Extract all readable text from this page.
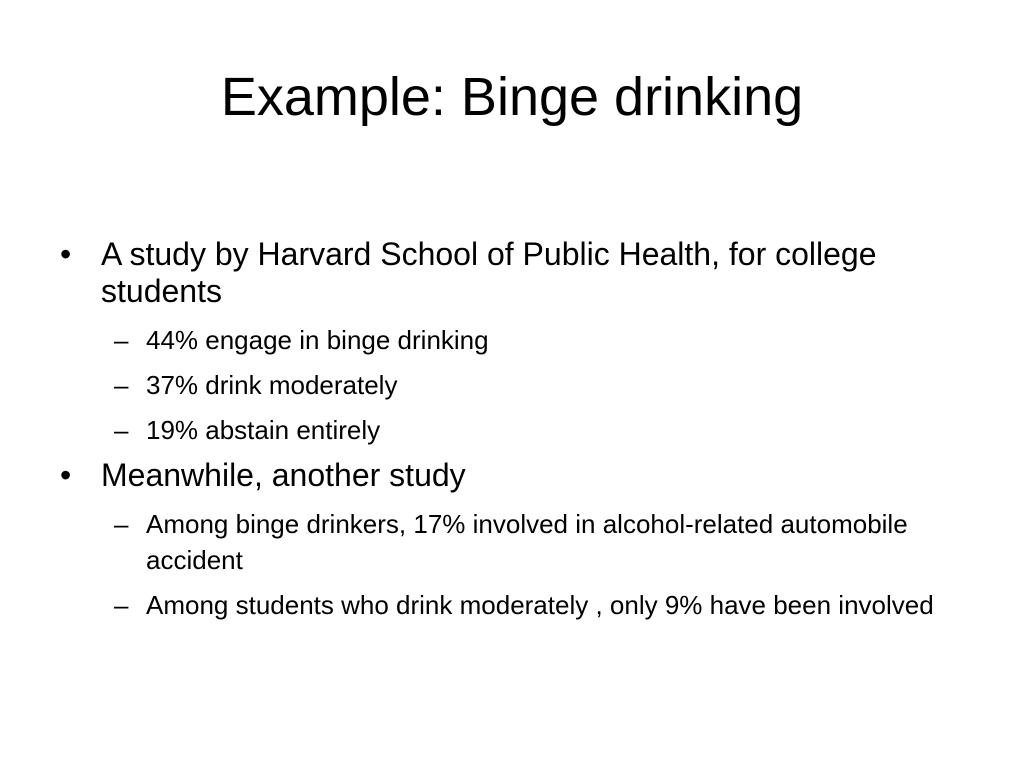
Example: Binge drinking
• A study by Harvard School of Public Health, for college students
– 44% engage in binge drinking
– 37% drink moderately
– 19% abstain entirely
• Meanwhile, another study
– Among binge drinkers, 17% involved in alcohol-related automobile accident
– Among students who drink moderately , only 9% have been involved
